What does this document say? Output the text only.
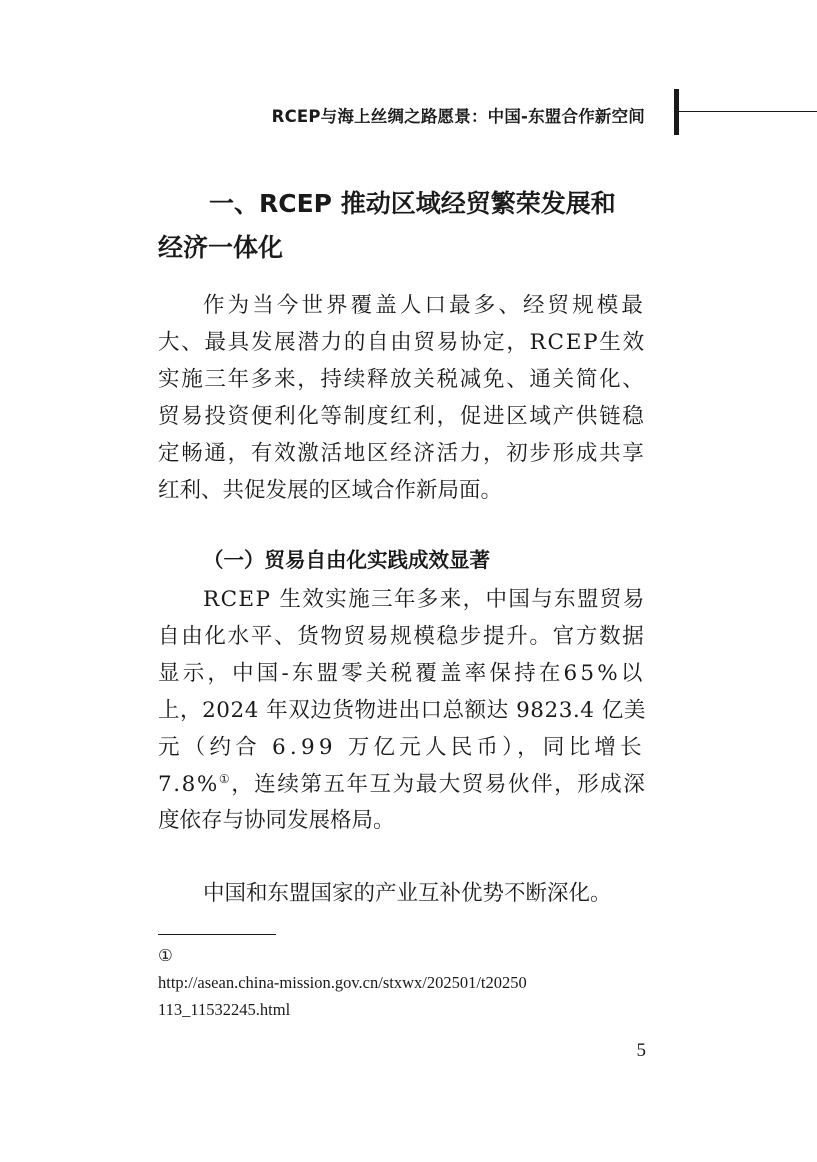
RCEP与海上丝绸之路愿景：中国-东盟合作新空间
一、RCEP 推动区域经贸繁荣发展和
经济一体化
作为当今世界覆盖人口最多、经贸规模最
大、最具发展潜力的自由贸易协定，RCEP生效
实施三年多来，持续释放关税减免、通关简化、
贸易投资便利化等制度红利，促进区域产供链稳
定畅通，有效激活地区经济活力，初步形成共享
红利、共促发展的区域合作新局面。
（一）贸易自由化实践成效显著
RCEP 生效实施三年多来，中国与东盟贸易
自由化水平、货物贸易规模稳步提升。官方数据
显示，中国-东盟零关税覆盖率保持在65%以
上，2024 年双边货物进出口总额达 9823.4 亿美
元（约合 6.99 万亿元人民币），同比增长
7.8%①，连续第五年互为最大贸易伙伴，形成深
度依存与协同发展格局。
中国和东盟国家的产业互补优势不断深化。
①
http://asean.china-mission.gov.cn/stxwx/202501/t20250
113_11532245.html
5
